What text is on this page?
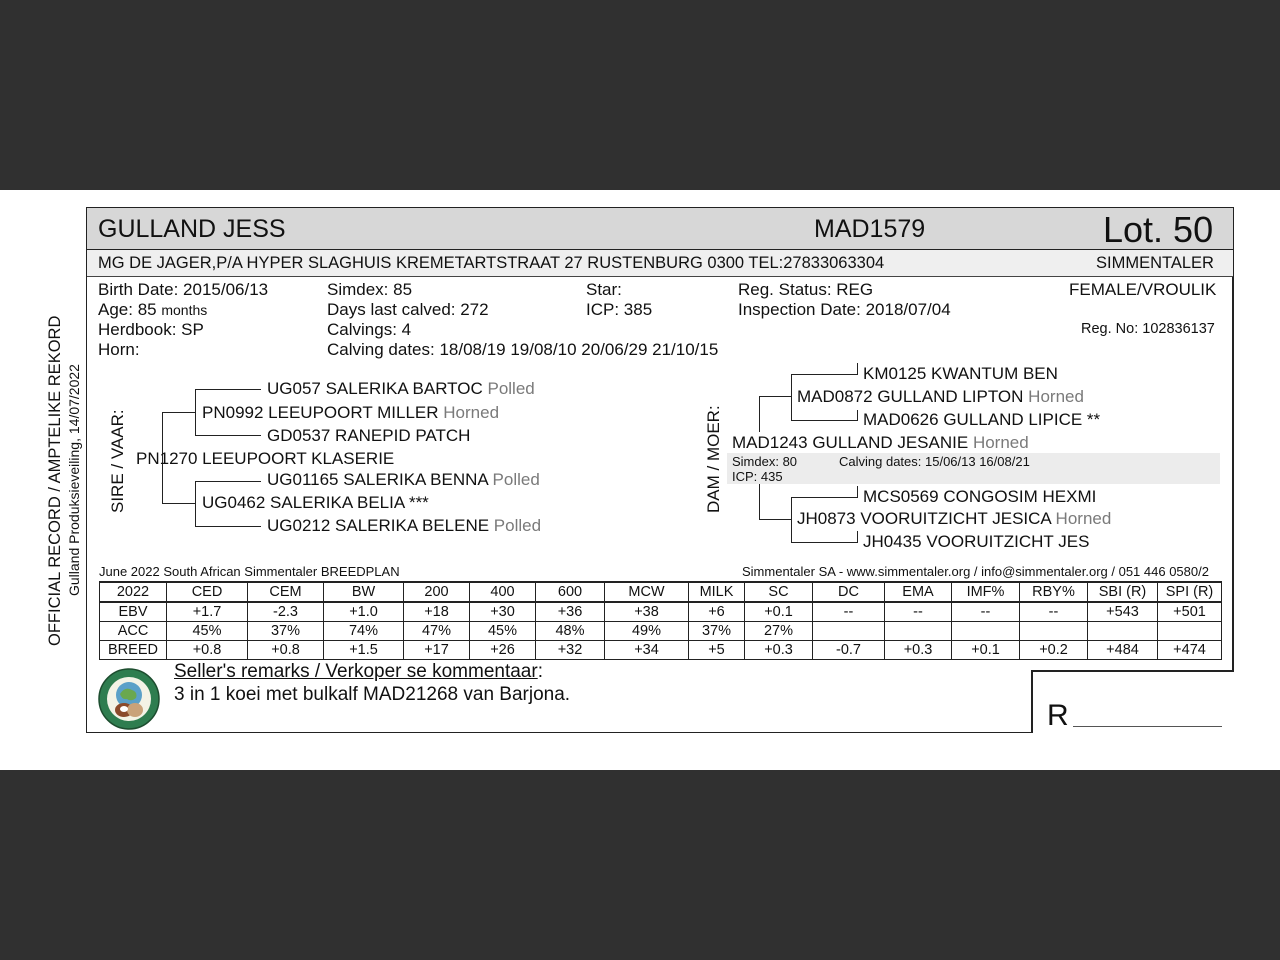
OFFICIAL RECORD / AMPTELIKE REKORD Gulland Produksieveiling, 14/07/2022
GULLAND JESS	MAD1579	Lot. 50
MG DE JAGER,P/A HYPER SLAGHUIS KREMETARTSTRAAT 27 RUSTENBURG 0300 TEL:27833063304	SIMMENTALER
Birth Date: 2015/06/13
Age: 85 months
Herdbook: SP
Horn:
Simdex: 85
Days last calved: 272
Calvings: 4
Calving dates: 18/08/19 19/08/10 20/06/29 21/10/15
Star:
ICP: 385
Reg. Status: REG
Inspection Date: 2018/07/04
FEMALE/VROULIK
Reg. No: 102836137
SIRE / VAAR:
UG057 SALERIKA BARTOC Polled
PN0992 LEEUPOORT MILLER Horned
GD0537 RANEPID PATCH
PN1270 LEEUPOORT KLASERIE
UG01165 SALERIKA BENNA Polled
UG0462 SALERIKA BELIA ***
UG0212 SALERIKA BELENE Polled
DAM / MOER:
KM0125 KWANTUM BEN
MAD0872 GULLAND LIPTON Horned
MAD0626 GULLAND LIPICE **
MAD1243 GULLAND JESANIE Horned
Simdex: 80	Calving dates: 15/06/13 16/08/21
ICP: 435
MCS0569 CONGOSIM HEXMI
JH0873 VOORUITZICHT JESICA Horned
JH0435 VOORUITZICHT JES
June 2022 South African Simmentaler BREEDPLAN	Simmentaler SA - www.simmentaler.org / info@simmentaler.org / 051 446 0580/2
2022	CED	CEM	BW	200	400	600	MCW	MILK	SC	DC	EMA	IMF%	RBY%	SBI (R)	SPI (R)
EBV	+1.7	-2.3	+1.0	+18	+30	+36	+38	+6	+0.1	--	--	--	--	+543	+501
ACC	45%	37%	74%	47%	45%	48%	49%	37%	27%						
BREED	+0.8	+0.8	+1.5	+17	+26	+32	+34	+5	+0.3	-0.7	+0.3	+0.1	+0.2	+484	+474
Seller's remarks / Verkoper se kommentaar:
3 in 1 koei met bulkalf MAD21268 van Barjona.
R
